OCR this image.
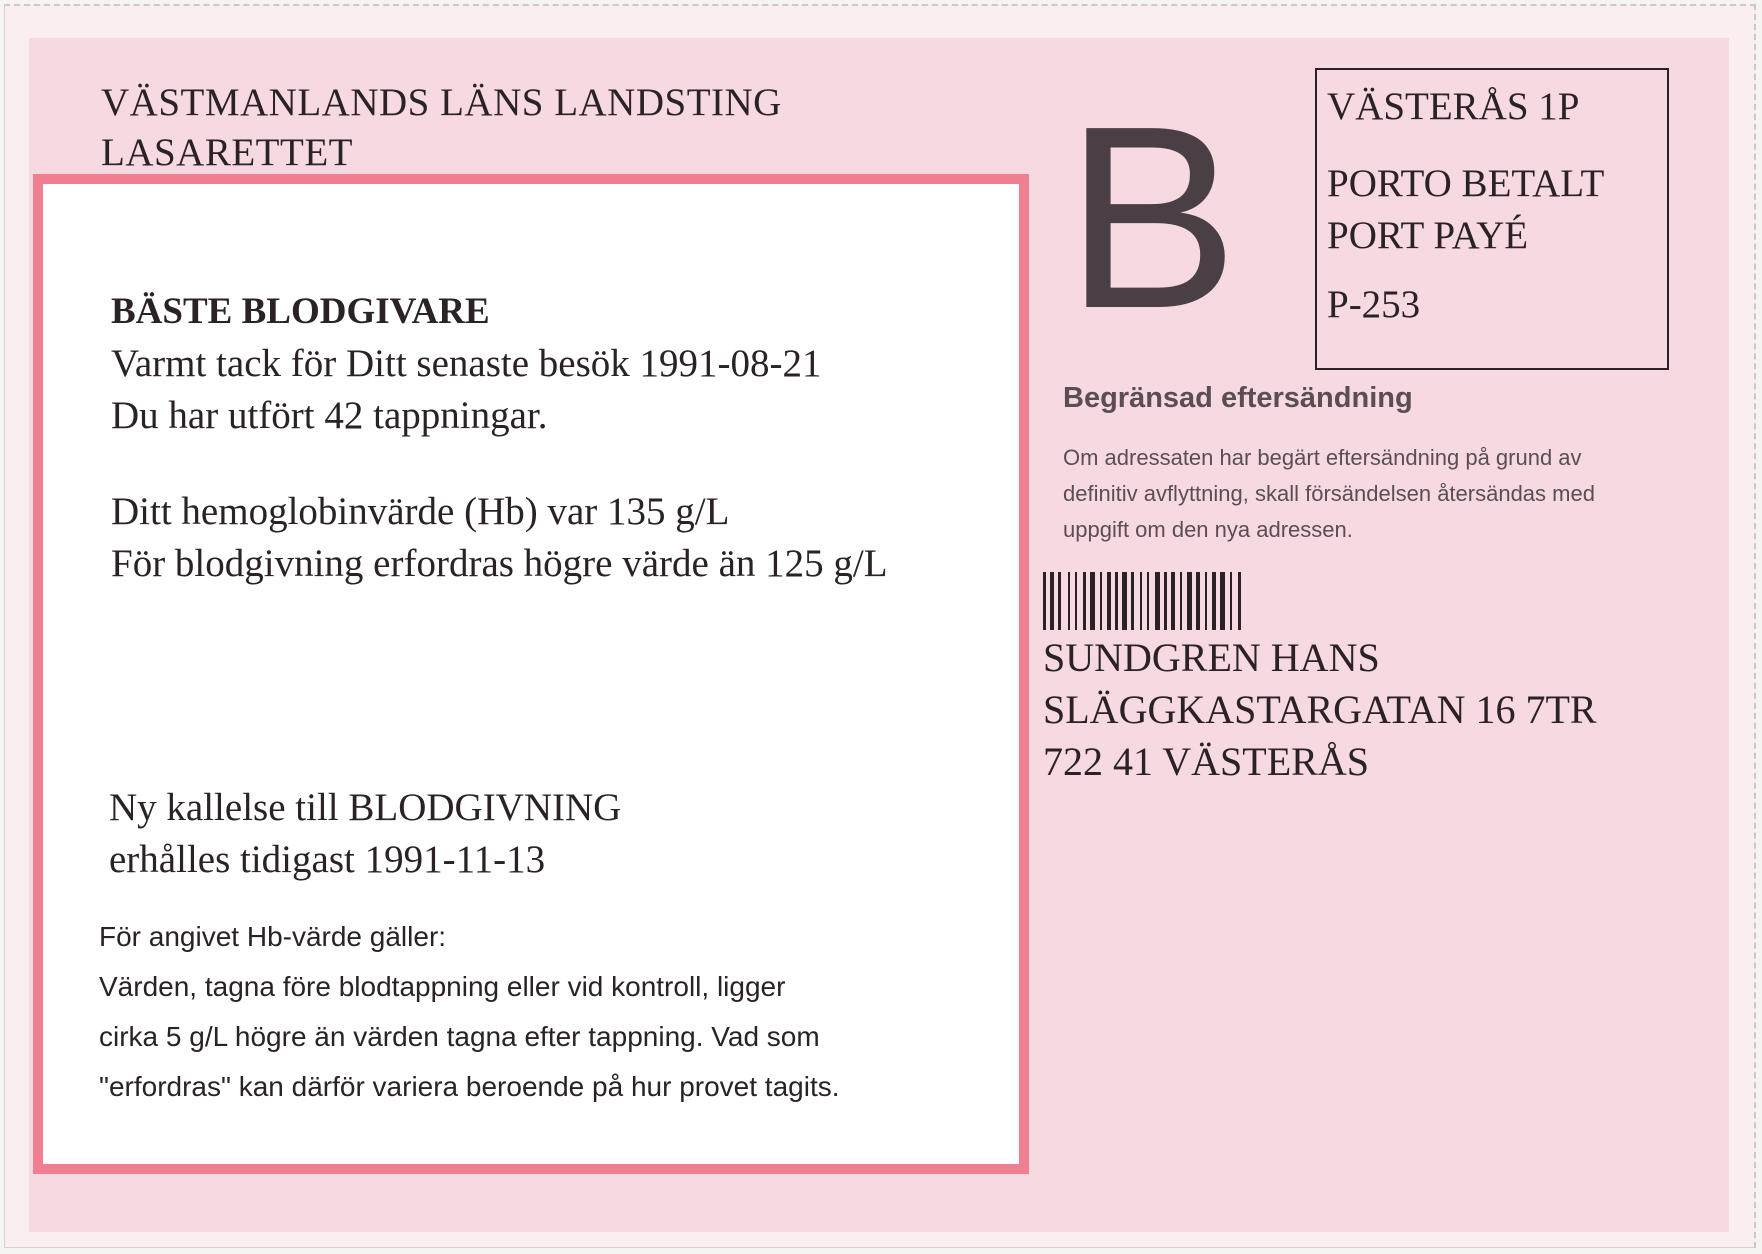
VÄSTMANLANDS LÄNS LANDSTING
LASARETTET
BÄSTE BLODGIVARE
Varmt tack för Ditt senaste besök 1991-08-21
Du har utfört 42 tappningar.
Ditt hemoglobinvärde (Hb) var 135 g/L
För blodgivning erfordras högre värde än 125 g/L
Ny kallelse till BLODGIVNING
erhålles tidigast 1991-11-13
För angivet Hb-värde gäller:
Värden, tagna före blodtappning eller vid kontroll, ligger
cirka 5 g/L högre än värden tagna efter tappning. Vad som
"erfordras" kan därför variera beroende på hur provet tagits.
B VÄSTERÅS 1P
PORTO BETALT
PORT PAYÉ
P-253
Begränsad eftersändning
Om adressaten har begärt eftersändning på grund av
definitiv avflyttning, skall försändelsen återsändas med
uppgift om den nya adressen.
SUNDGREN HANS
SLÄGGKASTARGATAN 16 7TR
722 41 VÄSTERÅS
